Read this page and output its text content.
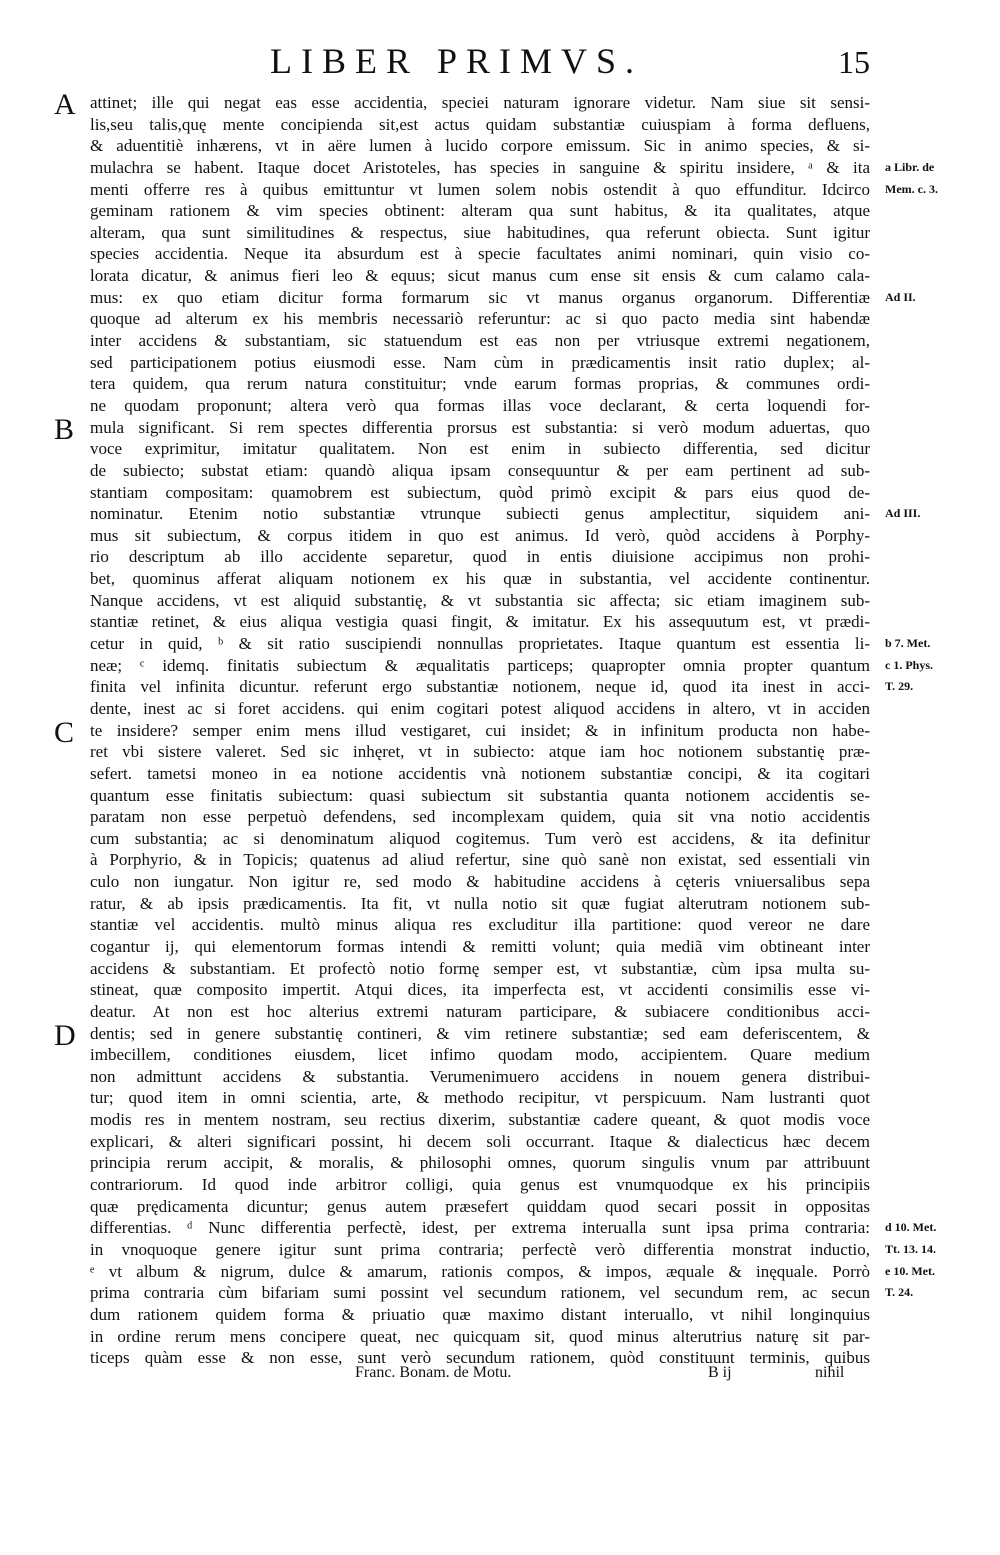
LIBER PRIMVS.	15
attinet; ille qui negat eas esse accidentia, speciei naturam ignorare videtur. Nam siue sit sensi-
A
lis,seu talis,quę mente concipienda sit,est actus quidam substantiæ cuiuspiam à forma defluens,
& aduentitiè inhærens, vt in aëre lumen à lucido corpore emissum. Sic in animo species, & si-
mulachra se habent. Itaque docet Aristoteles, has species in sanguine & spiritu insidere, ᵃ & ita a Libr. de
menti offerre res à quibus emittuntur vt lumen solem nobis ostendit à quo effunditur. Idcirco Mem. c. 3.
geminam rationem & vim species obtinent: alteram qua sunt habitus, & ita qualitates, atque
alteram, qua sunt similitudines & respectus, siue habitudines, qua referunt obiecta. Sunt igitur
species accidentia. Neque ita absurdum est à specie facultates animi nominari, quin visio co-
lorata dicatur, & animus fieri leo & equus; sicut manus cum ense sit ensis & cum calamo cala-
mus: ex quo etiam dicitur forma formarum sic vt manus organus organorum. Differentiæ Ad II.
quoque ad alterum ex his membris necessariò referuntur: ac si quo pacto media sint habendæ
inter accidens & substantiam, sic statuendum est eas non per vtriusque extremi negationem,
sed participationem potius eiusmodi esse. Nam cùm in prædicamentis insit ratio duplex; al-
tera quidem, qua rerum natura constituitur; vnde earum formas proprias, & communes ordi-
ne quodam proponunt; altera verò qua formas illas voce declarant, & certa loquendi for-
mula significant. Si rem spectes differentia prorsus est substantia: si verò modum aduertas, quo
B
voce exprimitur, imitatur qualitatem. Non est enim in subiecto differentia, sed dicitur
de subiecto; substat etiam: quandò aliqua ipsam consequuntur & per eam pertinent ad sub-
stantiam compositam: quamobrem est subiectum, quòd primò excipit & pars eius quod de-
nominatur. Etenim notio substantiæ vtrunque subiecti genus amplectitur, siquidem ani- Ad III.
mus sit subiectum, & corpus itidem in quo est animus. Id verò, quòd accidens à Porphy-
rio descriptum ab illo accidente separetur, quod in entis diuisione accipimus non prohi-
bet, quominus afferat aliquam notionem ex his quæ in substantia, vel accidente continentur.
Nanque accidens, vt est aliquid substantię, & vt substantia sic affecta; sic etiam imaginem sub-
stantiæ retinet, & eius aliqua vestigia quasi fingit, & imitatur. Ex his assequutum est, vt prædi-
cetur in quid, ᵇ & sit ratio suscipiendi nonnullas proprietates. Itaque quantum est essentia li- b 7. Met.
neæ; ᶜ idemq. finitatis subiectum & æqualitatis particeps; quapropter omnia propter quantum c 1. Phys.
finita vel infinita dicuntur. referunt ergo substantiæ notionem, neque id, quod ita inest in acci- T. 29.
dente, inest ac si foret accidens. qui enim cogitari potest aliquod accidens in altero, vt in acciden
te insidere? semper enim mens illud vestigaret, cui insidet; & in infinitum producta non habe-
C
ret vbi sistere valeret. Sed sic inhęret, vt in subiecto: atque iam hoc notionem substantię præ-
sefert. tametsi moneo in ea notione accidentis vnà notionem substantiæ concipi, & ita cogitari
quantum esse finitatis subiectum: quasi subiectum sit substantia quanta notionem accidentis se-
paratam non esse perpetuò defendens, sed incomplexam quidem, quia sit vna notio accidentis
cum substantia; ac si denominatum aliquod cogitemus. Tum verò est accidens, & ita definitur
à Porphyrio, & in Topicis; quatenus ad aliud refertur, sine quò sanè non existat, sed essentiali vin
culo non iungatur. Non igitur re, sed modo & habitudine accidens à cęteris vniuersalibus sepa
ratur, & ab ipsis prædicamentis. Ita fit, vt nulla notio sit quæ fugiat alterutram notionem sub-
stantiæ vel accidentis. multò minus aliqua res excluditur illa partitione: quod vereor ne dare
cogantur ij, qui elementorum formas intendi & remitti volunt; quia mediã vim obtineant inter
accidens & substantiam. Et profectò notio formę semper est, vt substantiæ, cùm ipsa multa su-
stineat, quæ composito impertit. Atqui dices, ita imperfecta est, vt accidenti consimilis esse vi-
deatur. At non est hoc alterius extremi naturam participare, & subiacere conditionibus acci-
dentis; sed in genere substantię contineri, & vim retinere substantiæ; sed eam deferiscentem, &
D
imbecillem, conditiones eiusdem, licet infimo quodam modo, accipientem. Quare medium
non admittunt accidens & substantia. Verumenimuero accidens in nouem genera distribui-
tur; quod item in omni scientia, arte, & methodo recipitur, vt perspicuum. Nam lustranti quot
modis res in mentem nostram, seu rectius dixerim, substantiæ cadere queant, & quot modis voce
explicari, & alteri significari possint, hi decem soli occurrant. Itaque & dialecticus hæc decem
principia rerum accipit, & moralis, & philosophi omnes, quorum singulis vnum par attribuunt
contrariorum. Id quod inde arbitror colligi, quia genus est vnumquodque ex his principiis
quæ prędicamenta dicuntur; genus autem præsefert quiddam quod secari possit in oppositas
differentias. ᵈ Nunc differentia perfectè, idest, per extrema interualla sunt ipsa prima contraria: d 10. Met.
in vnoquoque genere igitur sunt prima contraria; perfectè verò differentia monstrat inductio, Tt. 13. 14.
ᵉ vt album & nigrum, dulce & amarum, rationis compos, & impos, æquale & inęquale. Porrò e 10. Met.
prima contraria cùm bifariam sumi possint vel secundum rationem, vel secundum rem, ac secun T. 24.
dum rationem quidem forma & priuatio quæ maximo distant interuallo, vt nihil longinquius
in ordine rerum mens concipere queat, nec quicquam sit, quod minus alterutrius naturę sit par-
ticeps quàm esse & non esse, sunt verò secundum rationem, quòd constituunt terminis, quibus
Franc. Bonam. de Motu.	B ij	nihil
